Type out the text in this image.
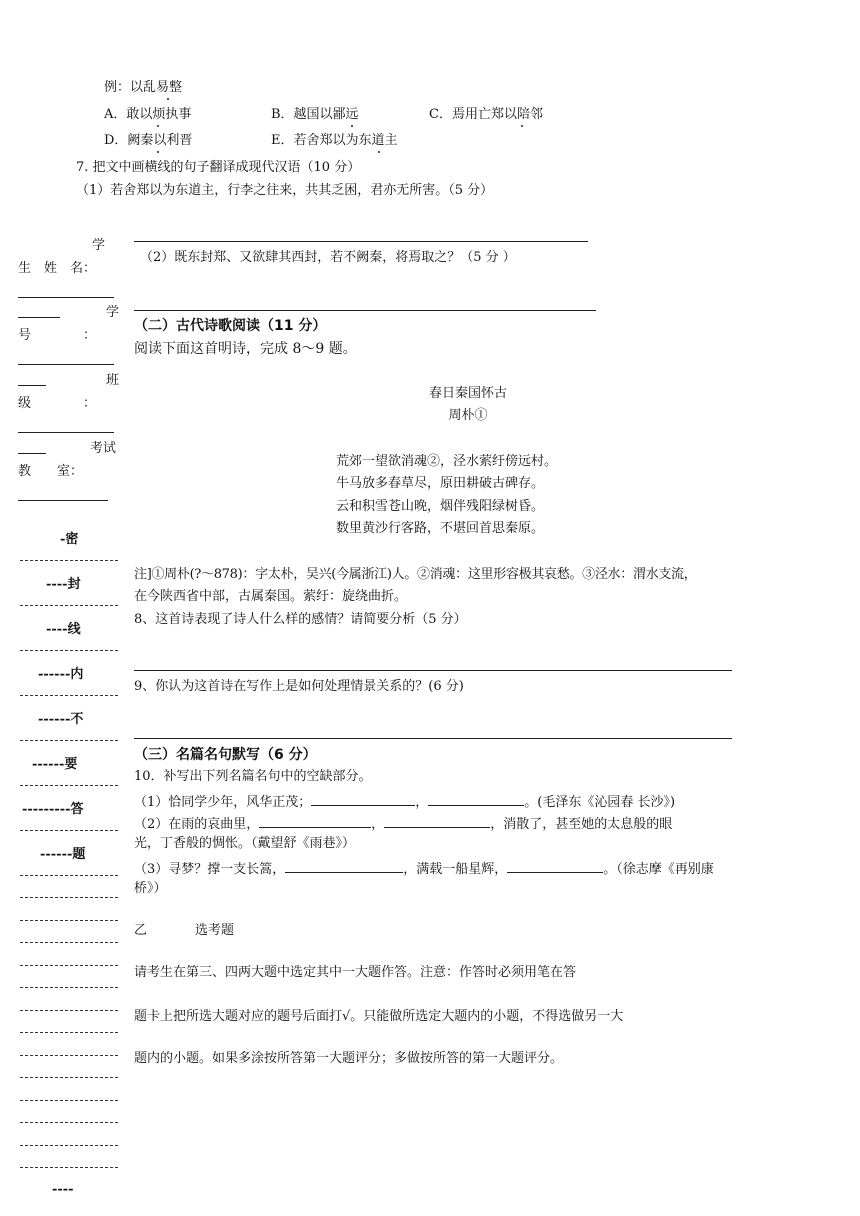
例：以乱易整
A．敢以烦执事	B．越国以鄙远	C．焉用亡郑以陪邻
D．阙秦以利晋	E．若舍郑以为东道主
7. 把文中画横线的句子翻译成现代汉语（10 分）
（1）若舍郑以为东道主，行李之往来，共其乏困，君亦无所害。（5 分）
（2）既东封郑、又欲肆其西封，若不阙秦，将焉取之？（5 分 ）
学
生　姓　名：
学
号　　　　：
班
级　　　　：
考试
教　　室：
-密
----封
----线
------内
------不
------要
---------答
------题
----
（二）古代诗歌阅读（11 分）
阅读下面这首明诗，完成 8～9 题。
春日秦国怀古
周朴①
荒郊一望欲消魂②，泾水萦纡傍远村。
牛马放多春草尽，原田耕破古碑存。
云和积雪苍山晚，烟伴残阳绿树昏。
数里黄沙行客路，不堪回首思秦原。
注]①周朴(?～878)：字太朴，吴兴(今属浙江)人。②消魂：这里形容极其哀愁。③泾水：渭水支流，
在今陕西省中部，古属秦国。萦纡：旋绕曲折。
8、这首诗表现了诗人什么样的感情？请简要分析（5 分）
9、你认为这首诗在写作上是如何处理情景关系的？(6 分)
（三）名篇名句默写（6 分）
10．补写出下列名篇名句中的空缺部分。
（1）恰同学少年，风华正茂；	，	。(毛泽东《沁园春 长沙》)
（2）在雨的哀曲里，	，	，消散了，甚至她的太息般的眼
光，丁香般的惆怅。（戴望舒《雨巷》）
（3）寻梦？撑一支长篙，	，满载一船星辉，	。（徐志摩《再别康
桥》）
乙	选考题
请考生在第三、四两大题中选定其中一大题作答。注意：作答时必须用笔在答
题卡上把所选大题对应的题号后面打√。只能做所选定大题内的小题，不得选做另一大
题内的小题。如果多涂按所答第一大题评分；多做按所答的第一大题评分。
